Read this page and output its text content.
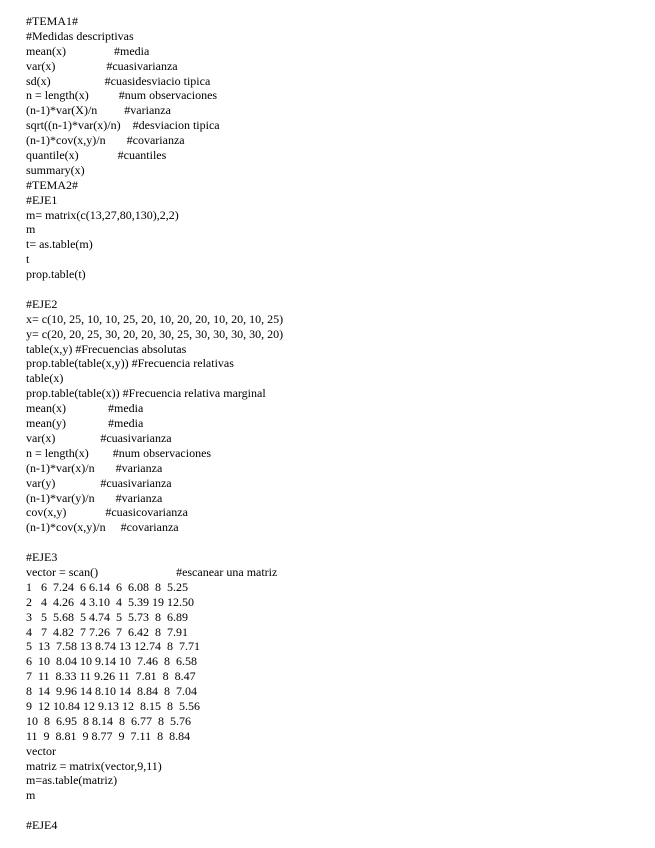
#TEMA1#
#Medidas descriptivas
mean(x)                #media
var(x)                 #cuasivarianza
sd(x)                  #cuasidesviacio tipica
n = length(x)          #num observaciones
(n-1)*var(X)/n         #varianza
sqrt((n-1)*var(x)/n)    #desviacion tipica
(n-1)*cov(x,y)/n       #covarianza
quantile(x)             #cuantiles
summary(x)
#TEMA2#
#EJE1
m= matrix(c(13,27,80,130),2,2)
m
t= as.table(m)
t
prop.table(t)
#EJE2
x= c(10, 25, 10, 10, 25, 20, 10, 20, 20, 10, 20, 10, 25)
y= c(20, 20, 25, 30, 20, 20, 30, 25, 30, 30, 30, 30, 20)
table(x,y) #Frecuencias absolutas
prop.table(table(x,y)) #Frecuencia relativas
table(x)
prop.table(table(x)) #Frecuencia relativa marginal
mean(x)              #media
mean(y)              #media
var(x)               #cuasivarianza
n = length(x)        #num observaciones
(n-1)*var(x)/n       #varianza
var(y)               #cuasivarianza
(n-1)*var(y)/n       #varianza
cov(x,y)             #cuasicovarianza
(n-1)*cov(x,y)/n     #covarianza
#EJE3
vector = scan()                          #escanear una matriz
1   6  7.24  6 6.14  6  6.08  8  5.25
2   4  4.26  4 3.10  4  5.39 19 12.50
3   5  5.68  5 4.74  5  5.73  8  6.89
4   7  4.82  7 7.26  7  6.42  8  7.91
5  13  7.58 13 8.74 13 12.74  8  7.71
6  10  8.04 10 9.14 10  7.46  8  6.58
7  11  8.33 11 9.26 11  7.81  8  8.47
8  14  9.96 14 8.10 14  8.84  8  7.04
9  12 10.84 12 9.13 12  8.15  8  5.56
10  8  6.95  8 8.14  8  6.77  8  5.76
11  9  8.81  9 8.77  9  7.11  8  8.84
vector
matriz = matrix(vector,9,11)
m=as.table(matriz)
m
#EJE4
